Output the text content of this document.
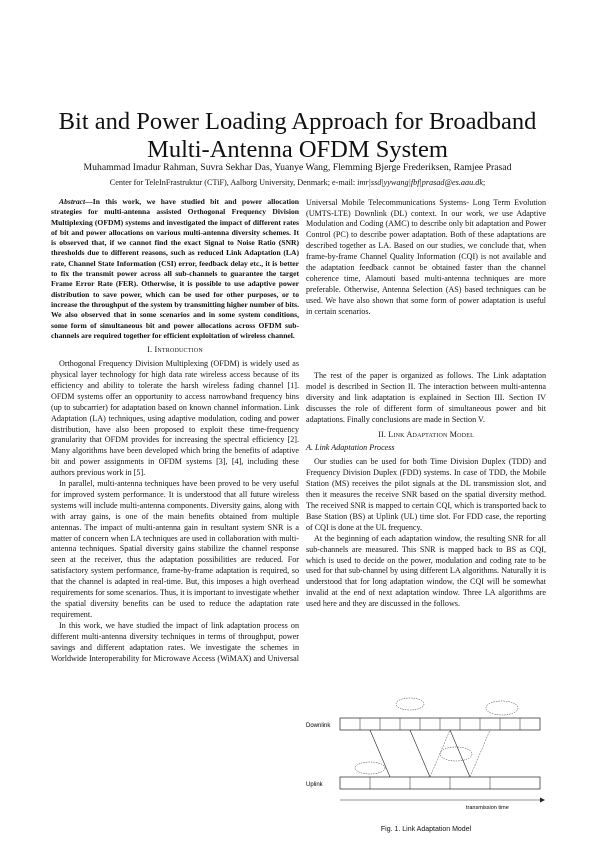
Bit and Power Loading Approach for Broadband
Multi-Antenna OFDM System
Muhammad Imadur Rahman, Suvra Sekhar Das, Yuanye Wang, Flemming Bjerge Frederiksen, Ramjee Prasad
Center for TeleInFrastruktur (CTiF), Aalborg University, Denmark; e-mail: imr|ssd|yywang|fbf|prasad@es.aau.dk;

Abstract—In this work, we have studied bit and power allocation strategies for multi-antenna assisted Orthogonal Frequency Division Multiplexing (OFDM) systems and investigated the impact of different rates of bit and power allocations on various multi-antenna diversity schemes. It is observed that, if we cannot find the exact Signal to Noise Ratio (SNR) thresholds due to different reasons, such as reduced Link Adaptation (LA) rate, Channel State Information (CSI) error, feedback delay etc., it is better to fix the transmit power across all sub-channels to guarantee the target Frame Error Rate (FER). Otherwise, it is possible to use adaptive power distribution to save power, which can be used for other purposes, or to increase the throughput of the system by transmitting higher number of bits. We also observed that in some scenarios and in some system conditions, some form of simultaneous bit and power allocations across OFDM sub-channels are required together for efficient exploitation of wireless channel.

I. Introduction

Orthogonal Frequency Division Multiplexing (OFDM) is widely used as physical layer technology for high data rate wireless access because of its efficiency and ability to tolerate the harsh wireless fading channel [1]. OFDM systems offer an opportunity to access narrowband frequency bins (up to subcarrier) for adaptation based on known channel information. Link Adaptation (LA) techniques, using adaptive modulation, coding and power distribution, have also been proposed to exploit these time-frequency granularity that OFDM provides for increasing the spectral efficiency [2]. Many algorithms have been developed which bring the benefits of adaptive bit and power assignments in OFDM systems [3], [4], including these authors previous work in [5].

In parallel, multi-antenna techniques have been proved to be very useful for improved system performance. It is understood that all future wireless systems will include multi-antenna components. Diversity gains, along with with array gains, is one of the main benefits obtained from multiple antennas. The impact of multi-antenna gain in resultant system SNR is a matter of concern when LA techniques are used in collaboration with multi-antenna techniques. Spatial diversity gains stabilize the channel response seen at the receiver, thus the adaptation possibilities are reduced. For satisfactory system performance, frame-by-frame adaptation is required, so that the channel is adapted in real-time. But, this imposes a high overhead requirements for some scenarios. Thus, it is important to investigate whether the spatial diversity benefits can be used to reduce the adaptation rate requirement.

In this work, we have studied the impact of link adaptation process on different multi-antenna diversity techniques in terms of throughput, power savings and different adaptation rates. We investigate the schemes in Worldwide Interoperability for Microwave Access (WiMAX) and Universal

Universal Mobile Telecommunications Systems- Long Term Evolution (UMTS-LTE) Downlink (DL) context. In our work, we use Adaptive Modulation and Coding (AMC) to describe only bit adaptation and Power Control (PC) to describe power adaptation. Both of these adaptations are described together as LA. Based on our studies, we conclude that, when frame-by-frame Channel Quality Information (CQI) is not available and the adaptation feedback cannot be obtained faster than the channel coherence time, Alamouti based multi-antenna techniques are more preferable. Otherwise, Antenna Selection (AS) based techniques can be used. We have also shown that some form of power adaptation is useful in certain scenarios.

The rest of the paper is organized as follows. The Link adaptation model is described in Section II. The interaction between multi-antenna diversity and link adaptation is explained in Section III. Section IV discusses the role of different form of simultaneous power and bit adaptations. Finally conclusions are made in Section V.

II. Link Adaptation Model
A. Link Adaptation Process

Our studies can be used for both Time Division Duplex (TDD) and Frequency Division Duplex (FDD) systems. In case of TDD, the Mobile Station (MS) receives the pilot signals at the DL transmission slot, and then it measures the receive SNR based on the spatial diversity method. The received SNR is mapped to certain CQI, which is transported back to Base Station (BS) at Uplink (UL) time slot. For FDD case, the reporting of CQI is done at the UL frequency.

At the beginning of each adaptation window, the resulting SNR for all sub-channels are measured. This SNR is mapped back to BS as CQI, which is used to decide on the power, modulation and coding rate to be used for that sub-channel by using different LA algorithms. Naturally it is understood that for long adaptation window, the CQI will be somewhat invalid at the end of next adaptation window. Three LA algorithms are used here and they are discussed in the follows.

Downlink
Uplink
transmission time
Fig. 1. Link Adaptation Model
